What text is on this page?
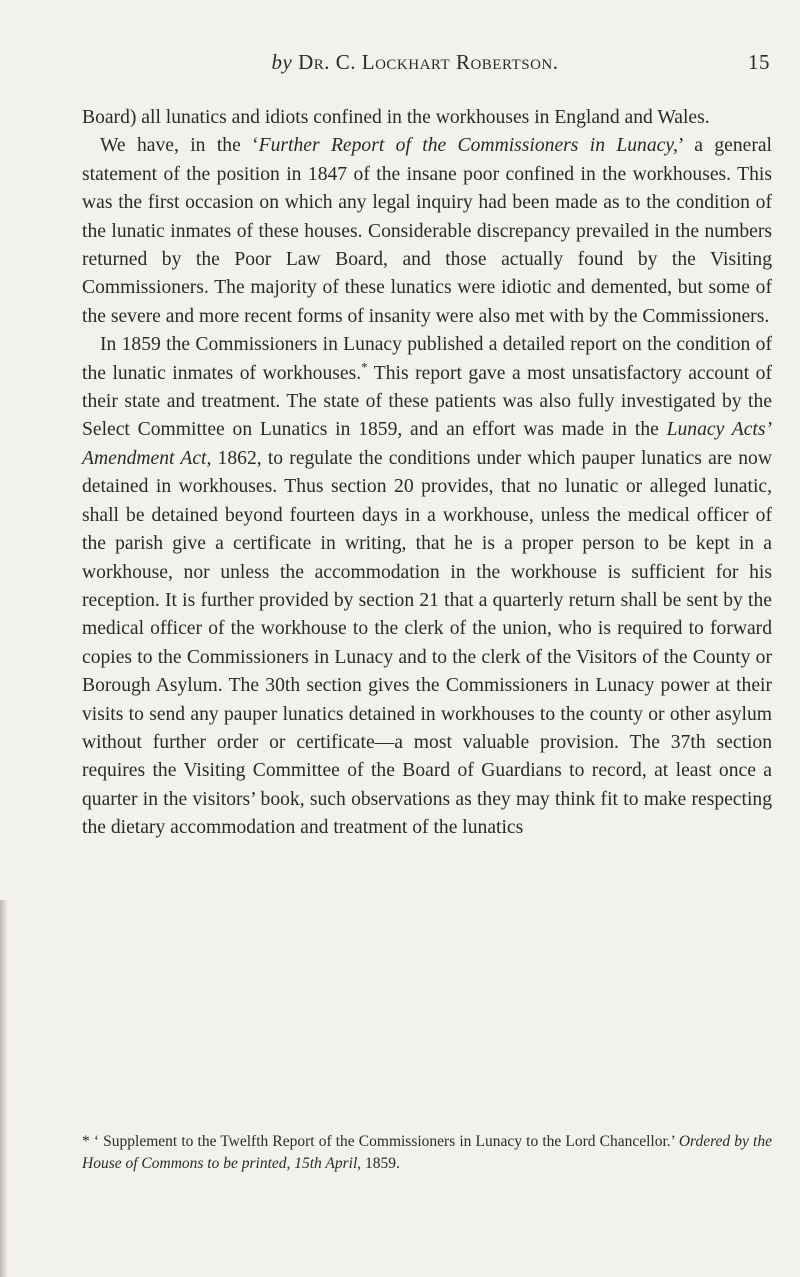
by Dr. C. Lockhart Robertson.	15

Board) all lunatics and idiots confined in the workhouses in England and Wales.

We have, in the ‘Further Report of the Commissioners in Lunacy,’ a general statement of the position in 1847 of the insane poor confined in the workhouses. This was the first occasion on which any legal inquiry had been made as to the condition of the lunatic inmates of these houses. Considerable discrepancy prevailed in the numbers returned by the Poor Law Board, and those actually found by the Visiting Commissioners. The majority of these lunatics were idiotic and demented, but some of the severe and more recent forms of insanity were also met with by the Commissioners.

In 1859 the Commissioners in Lunacy published a detailed report on the condition of the lunatic inmates of workhouses.* This report gave a most unsatisfactory account of their state and treatment. The state of these patients was also fully investigated by the Select Committee on Lunatics in 1859, and an effort was made in the Lunacy Acts’ Amendment Act, 1862, to regulate the conditions under which pauper lunatics are now detained in workhouses. Thus section 20 provides, that no lunatic or alleged lunatic, shall be detained beyond fourteen days in a workhouse, unless the medical officer of the parish give a certificate in writing, that he is a proper person to be kept in a workhouse, nor unless the accommodation in the workhouse is sufficient for his reception. It is further provided by section 21 that a quarterly return shall be sent by the medical officer of the workhouse to the clerk of the union, who is required to forward copies to the Commissioners in Lunacy and to the clerk of the Visitors of the County or Borough Asylum. The 30th section gives the Commissioners in Lunacy power at their visits to send any pauper lunatics detained in workhouses to the county or other asylum without further order or certificate—a most valuable provision. The 37th section requires the Visiting Committee of the Board of Guardians to record, at least once a quarter in the visitors’ book, such observations as they may think fit to make respecting the dietary accommodation and treatment of the lunatics

* ‘ Supplement to the Twelfth Report of the Commissioners in Lunacy to the Lord Chancellor.’ Ordered by the House of Commons to be printed, 15th April, 1859.
